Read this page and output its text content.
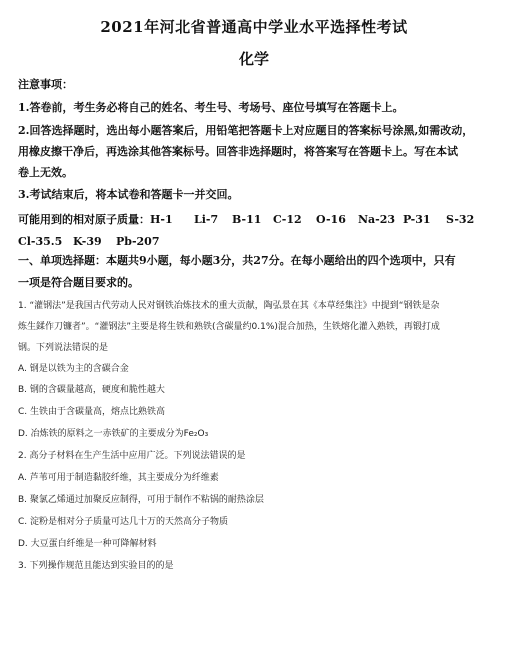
2021年河北省普通高中学业水平选择性考试
化学
注意事项：
1.答卷前，考生务必将自己的姓名、考生号、考场号、座位号填写在答题卡上。
2.回答选择题时，选出每小题答案后，用铅笔把答题卡上对应题目的答案标号涂黑,如需改动，
用橡皮擦干净后，再选涂其他答案标号。回答非选择题时，将答案写在答题卡上。写在本试
卷上无效。
3.考试结束后，将本试卷和答题卡一并交回。
可能用到的相对原子质量：H-1 Li-7 B-11 C-12 O-16 Na-23 P-31 S-32
Cl-35.5 K-39 Pb-207
一、单项选择题：本题共9小题，每小题3分，共27分。在每小题给出的四个选项中，只有
一项是符合题目要求的。
1. “灌钢法”是我国古代劳动人民对钢铁冶炼技术的重大贡献，陶弘景在其《本草经集注》中提到“钢铁是杂
炼生鍒作刀镰者”。“灌钢法”主要是将生铁和熟铁(含碳量约0.1%)混合加热，生铁熔化灌入熟铁，再锻打成
钢。下列说法错误的是
A. 钢是以铁为主的含碳合金
B. 钢的含碳量越高，硬度和脆性越大
C. 生铁由于含碳量高，熔点比熟铁高
D. 冶炼铁的原料之一赤铁矿的主要成分为Fe₂O₃
2. 高分子材料在生产生活中应用广泛。下列说法错误的是
A. 芦苇可用于制造黏胶纤维，其主要成分为纤维素
B. 聚氯乙烯通过加聚反应制得，可用于制作不粘锅的耐热涂层
C. 淀粉是相对分子质量可达几十万的天然高分子物质
D. 大豆蛋白纤维是一种可降解材料
3. 下列操作规范且能达到实验目的的是
